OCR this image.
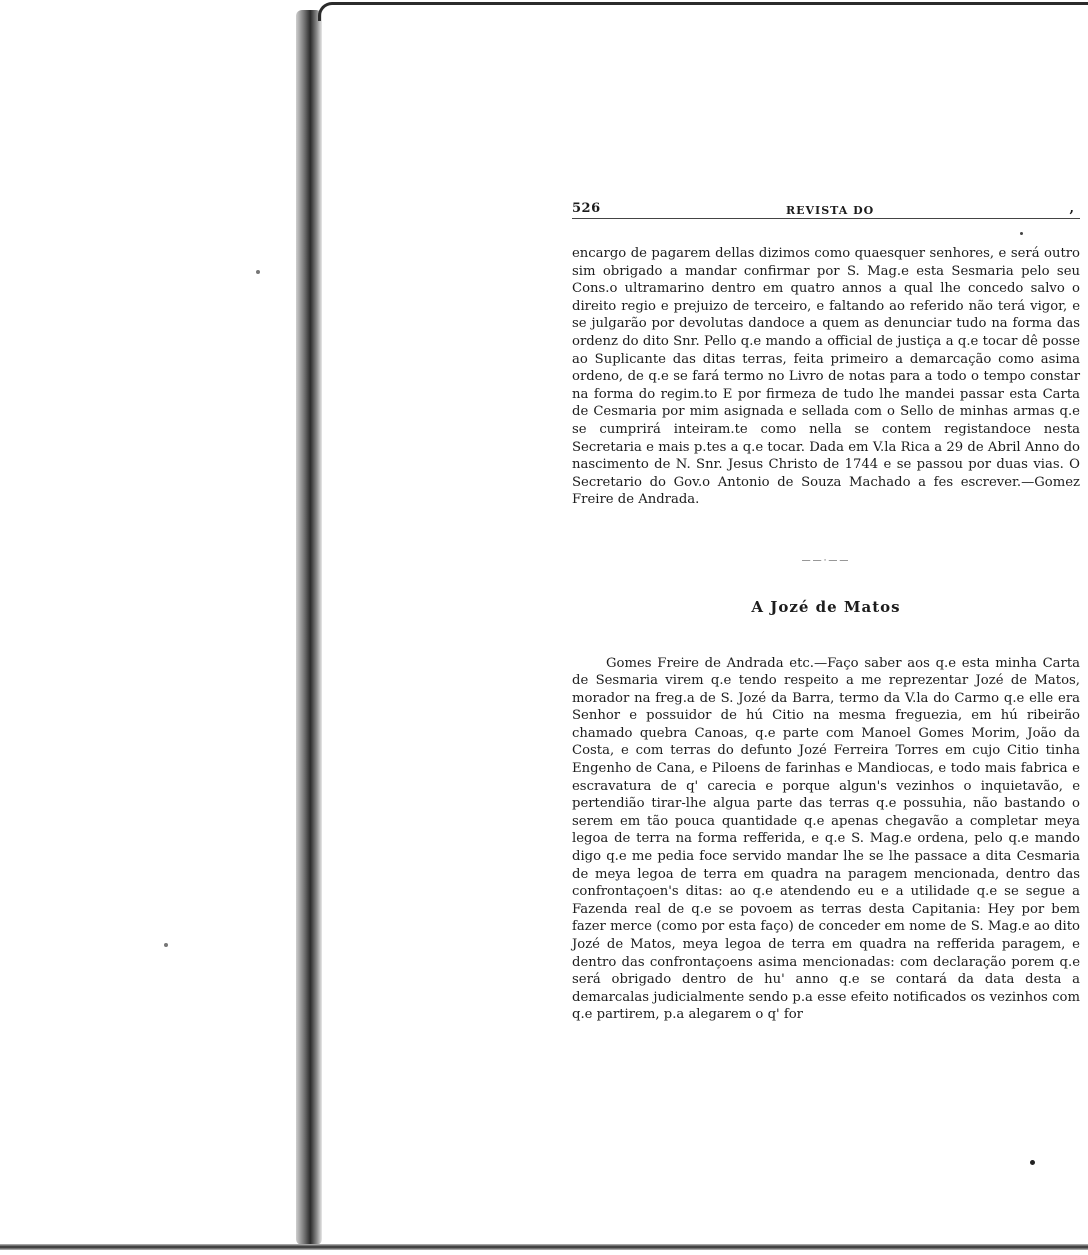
526	REVISTA DO	,

encargo de pagarem dellas dizimos como quaesquer senhores, e será outro sim obrigado a mandar confirmar por S. Mag.e esta Sesmaria pelo seu Cons.o ultramarino dentro em quatro annos a qual lhe concedo salvo o direito regio e prejuizo de terceiro, e faltando ao referido não terá vigor, e se julgarão por devolutas dandoce a quem as denunciar tudo na forma das ordenz do dito Snr. Pello q.e mando a official de justiça a q.e tocar dê posse ao Suplicante das ditas terras, feita primeiro a demarcação como asima ordeno, de q.e se fará termo no Livro de notas para a todo o tempo constar na forma do regim.to E por firmeza de tudo lhe mandei passar esta Carta de Cesmaria por mim asignada e sellada com o Sello de minhas armas q.e se cumprirá inteiram.te como nella se contem registandoce nesta Secretaria e mais p.tes a q.e tocar. Dada em V.la Rica a 29 de Abril Anno do nascimento de N. Snr. Jesus Christo de 1744 e se passou por duas vias. O Secretario do Gov.o Antonio de Souza Machado a fes escrever.—Gomez Freire de Andrada.

——·——
A Jozé de Matos

Gomes Freire de Andrada etc.—Faço saber aos q.e esta minha Carta de Sesmaria virem q.e tendo respeito a me reprezentar Jozé de Matos, morador na freg.a de S. Jozé da Barra, termo da V.la do Carmo q.e elle era Senhor e possuidor de hú Citio na mesma freguezia, em hú ribeirão chamado quebra Canoas, q.e parte com Manoel Gomes Morim, João da Costa, e com terras do defunto Jozé Ferreira Torres em cujo Citio tinha Engenho de Cana, e Piloens de farinhas e Mandiocas, e todo mais fabrica e escravatura de q' carecia e porque algun's vezinhos o inquietavão, e pertendião tirar-lhe algua parte das terras q.e possuhia, não bastando o serem em tão pouca quantidade q.e apenas chegavão a completar meya legoa de terra na forma refferida, e q.e S. Mag.e ordena, pelo q.e mando digo q.e me pedia foce servido mandar lhe se lhe passace a dita Cesmaria de meya legoa de terra em quadra na paragem mencionada, dentro das confrontaçoen's ditas: ao q.e atendendo eu e a utilidade q.e se segue a Fazenda real de q.e se povoem as terras desta Capitania: Hey por bem fazer merce (como por esta faço) de conceder em nome de S. Mag.e ao dito Jozé de Matos, meya legoa de terra em quadra na refferida paragem, e dentro das confrontaçoens asima mencionadas: com declaração porem q.e será obrigado dentro de hu' anno q.e se contará da data desta a demarcalas judicialmente sendo p.a esse efeito notificados os vezinhos com q.e partirem, p.a alegarem o q' for
